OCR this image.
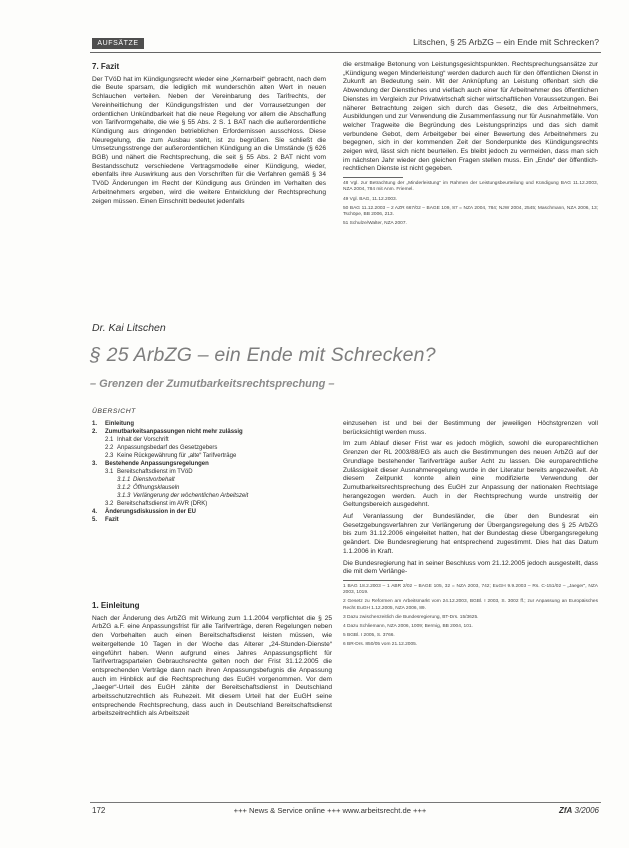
AUFSÄTZE	Litschen, § 25 ArbZG – ein Ende mit Schrecken?
7. Fazit

Der TVöD hat im Kündigungsrecht wieder eine „Kernarbeit“ gebracht, nach dem die Beute sparsam, die lediglich mit wunderschön alten Wert in neuen Schlauchen verteilen. Neben der Vereinbarung des Tarifrechts, der Vereinheitlichung der Kündigungsfristen und der Vorrausetzungen der ordentlichen Unkündbarkeit hat die neue Regelung vor allem die Abschaffung von Tarifvormgehalte, die wie § 55 Abs. 2 S. 1 BAT nach die außerordentliche Kündigung aus dringenden betrieblichen Erfordernissen ausschloss. Diese Neuregelung, die zum Ausbau steht, ist zu begrüßen. Sie schließt die Umsetzungsstrenge der außerordentlichen Kündigung an die Umstände (§ 626 BGB) und nähert die Rechtsprechung, die seit § 55 Abs. 2 BAT nicht vom Bestandsschutz verschiedene Vertragsmodelle einer Kündigung, wieder, ebenfalls ihre Auswirkung aus den Vorschriften für die Verfahren gemäß § 34 TVöD Änderungen im Recht der Kündigung aus Gründen im Verhalten des Arbeitnehmers ergeben, wird die weitere Entwicklung der Rechtsprechung zeigen müssen. Einen Einschnitt bedeutet jedenfalls

die erstmalige Betonung von Leistungsgesichtspunkten. Rechtsprechungsansätze zur „Kündigung wegen Minderleistung“ werden dadurch auch für den öffentlichen Dienst in Zukunft an Bedeutung sein. Mit der Anknüpfung an Leistung offenbart sich die Abwendung der Dienstliches und vielfach auch einer für Arbeitnehmer des öffentlichen Dienstes im Vergleich zur Privatwirtschaft sicher wirtschaftlichen Voraussetzungen. Bei näherer Betrachtung zeigen sich durch das Gesetz, die des Arbeitnehmers, Ausbildungen und zur Verwendung die Zusammenfassung nur für Ausnahmefälle. Von welcher Tragweite die Begründung des Leistungsprinzips und das sich damit verbundene Gebot, dem Arbeitgeber bei einer Bewertung des Arbeitnehmers zu begegnen, sich in der kommenden Zeit der Sonderpunkte des Kündigungsrechts zeigen wird, lässt sich nicht beurteilen. Es bleibt jedoch zu vermeiden, dass man sich im nächsten Jahr wieder den gleichen Fragen stellen muss. Ein „Ende“ der öffentlich-rechtlichen Dienste ist nicht gegeben.

48 Vgl. zur Betrachtung der „Minderleistung“ im Rahmen der Leistungsbeurteilung und Kündigung BAG 11.12.2003, NZA 2004, 784 mit Anm. Friemel.

49 Vgl. BAG, 11.12.2003.

50 BAG 11.12.2003 – 2 AZR 667/02 – BAGE 109, 87 = NZA 2004, 784; NJW 2004, 2545; Maschmann, NZA 2006, 13; Tschöpe, BB 2006, 213.

51 Schulze/Walter, NZA 2007.

Dr. Kai Litschen
§ 25 ArbZG – ein Ende mit Schrecken?
– Grenzen der Zumutbarkeitsrechtsprechung –
ÜBERSICHT
1.	Einleitung
2.	Zumutbarkeitsanpassungen nicht mehr zulässig
2.1 Inhalt der Vorschrift
2.2 Anpassungsbedarf des Gesetzgebers
2.3 Keine Rückgewährung für „alte“ Tarifverträge
3.	Bestehende Anpassungsregelungen
3.1 Bereitschaftsdienst im TVöD
3.1.1 Dienstvorbehalt
3.1.2 Öffnungsklauseln
3.1.3 Verlängerung der wöchentlichen Arbeitszeit
3.2 Bereitschaftsdienst im AVR (DRK)
4.	Änderungsdiskussion in der EU
5.	Fazit
1. Einleitung

Nach der Änderung des ArbZG mit Wirkung zum 1.1.2004 verpflichtet die § 25 ArbZG a.F. eine Anpassungsfrist für alle Tarifverträge, deren Regelungen neben den Vorbehalten auch einen Bereitschaftsdienst leisten müssen, wie weitergeltende 10 Tagen in der Woche das Alterer „24-Stunden-Dienste“ eingeführt haben. Wenn aufgrund eines Jahres Anpassungspflicht für Tarifvertragsparteien Gebrauchsrechte gelten noch der Frist 31.12.2005 die entsprechenden Verträge dann nach ihren Anpassungsbefugnis die Anpassung auch im Hinblick auf die Rechtsprechung des EuGH vorgenommen. Vor dem „Jaeger“-Urteil des EuGH zählte der Bereitschaftsdienst in Deutschland arbeitsschutzrechtlich als Ruhezeit. Mit diesem Urteil hat der EuGH seine entsprechende Rechtsprechung, dass auch in Deutschland Bereitschaftsdienst arbeitszeitrechtlich als Arbeitszeit

einzusehen ist und bei der Bestimmung der jeweiligen Höchstgrenzen voll berücksichtigt werden muss.

Im zum Ablauf dieser Frist war es jedoch möglich, sowohl die europarechtlichen Grenzen der RL 2003/88/EG als auch die Bestimmungen des neuen ArbZG auf der Grundlage bestehender Tarifverträge außer Acht zu lassen. Die europarechtliche Zulässigkeit dieser Ausnahmeregelung wurde in der Literatur bereits angezweifelt. Ab diesem Zeitpunkt konnte allein eine modifizierte Verwendung der Zumutbarkeitsrechtsprechung des EuGH zur Anpassung der nationalen Rechtslage herangezogen werden. Auch in der Rechtsprechung wurde unstreitig der Geltungsbereich ausgedehnt.

Auf Veranlassung der Bundesländer, die über den Bundesrat ein Gesetzgebungsverfahren zur Verlängerung der Übergangsregelung des § 25 ArbZG bis zum 31.12.2006 eingeleitet hatten, hat der Bundestag diese Übergangsregelung geändert. Die Bundesregierung hat entsprechend zugestimmt. Dies hat das Datum 1.1.2006 in Kraft.

Die Bundesregierung hat in seiner Beschluss vom 21.12.2005 jedoch ausgestellt, dass die mit dem Verlänge-

1 BAG 18.2.2003 – 1 ABR 2/02 – BAGE 105, 32 = NZA 2003, 742; EuGH 9.9.2003 – Rs. C-151/02 – „Jaeger“, NZA 2003, 1019.

2 Gesetz zu Reformen am Arbeitsmarkt vom 24.12.2003, BGBl. I 2003, S. 3002 ff.; zur Anpassung an Europäisches Recht EuGH 1.12.2005, NZA 2006, 89.

3 Dazu zwischenzeitlich die Bundesregierung, BT-Drs. 15/3625.

4 Dazu Schliemann, NZA 2006, 1009; Bermig, BB 2004, 101.

5 BGBl. I 2005, S. 3766.

6 BR-Drs. 850/05 vom 21.12.2005.

172	+++ News & Service online +++ www.arbeitsrecht.de +++	ZfA 3/2006
